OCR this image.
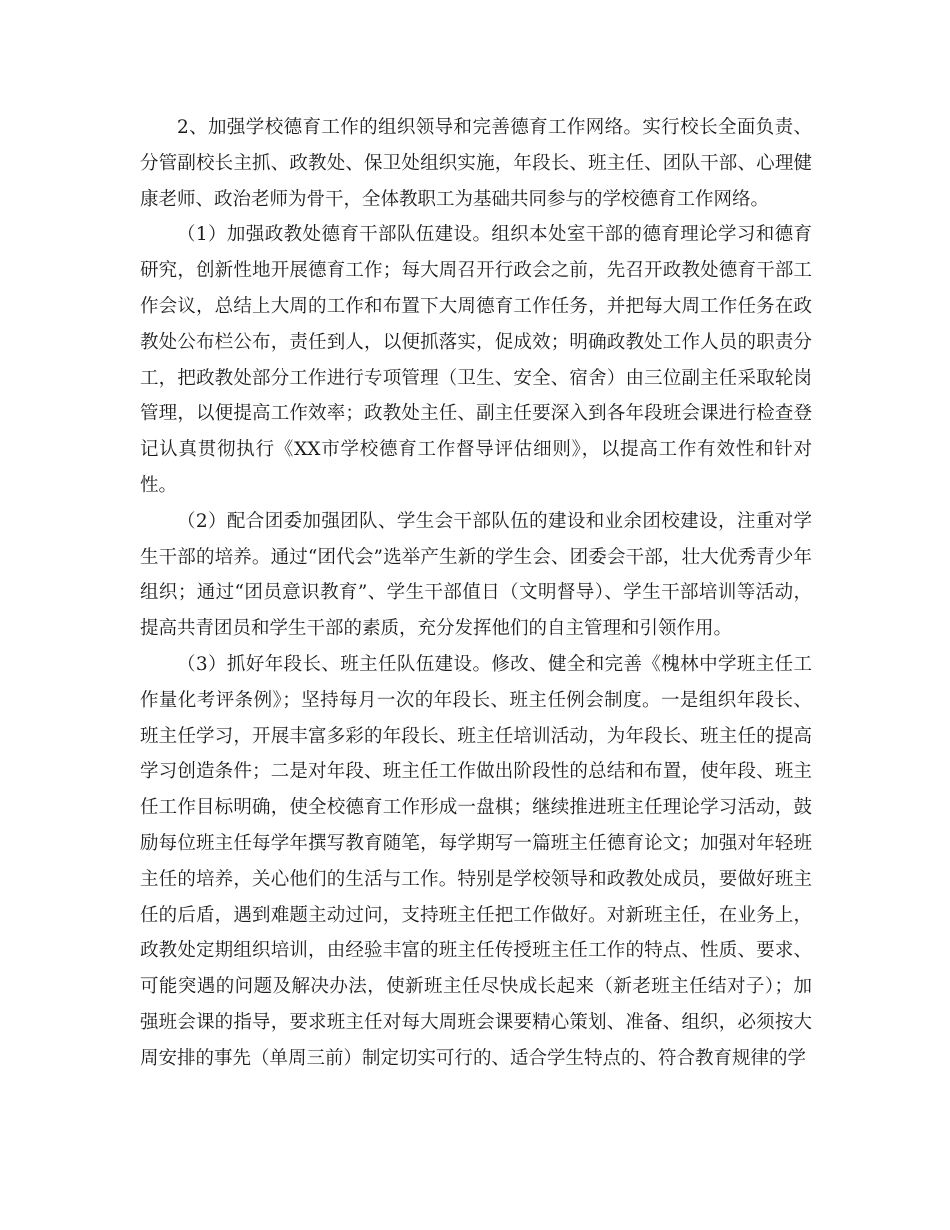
2、加强学校德育工作的组织领导和完善德育工作网络。实行校长全面负责、分管副校长主抓、政教处、保卫处组织实施，年段长、班主任、团队干部、心理健康老师、政治老师为骨干，全体教职工为基础共同参与的学校德育工作网络。

（1）加强政教处德育干部队伍建设。组织本处室干部的德育理论学习和德育研究，创新性地开展德育工作；每大周召开行政会之前，先召开政教处德育干部工作会议，总结上大周的工作和布置下大周德育工作任务，并把每大周工作任务在政教处公布栏公布，责任到人，以便抓落实，促成效；明确政教处工作人员的职责分工，把政教处部分工作进行专项管理（卫生、安全、宿舍）由三位副主任采取轮岗管理，以便提高工作效率；政教处主任、副主任要深入到各年段班会课进行检查登记认真贯彻执行《XX市学校德育工作督导评估细则》，以提高工作有效性和针对性。

（2）配合团委加强团队、学生会干部队伍的建设和业余团校建设，注重对学生干部的培养。通过“团代会”选举产生新的学生会、团委会干部，壮大优秀青少年组织；通过“团员意识教育”、学生干部值日（文明督导）、学生干部培训等活动，提高共青团员和学生干部的素质，充分发挥他们的自主管理和引领作用。

（3）抓好年段长、班主任队伍建设。修改、健全和完善《槐林中学班主任工作量化考评条例》；坚持每月一次的年段长、班主任例会制度。一是组织年段长、班主任学习，开展丰富多彩的年段长、班主任培训活动，为年段长、班主任的提高学习创造条件；二是对年段、班主任工作做出阶段性的总结和布置，使年段、班主任工作目标明确，使全校德育工作形成一盘棋；继续推进班主任理论学习活动，鼓励每位班主任每学年撰写教育随笔，每学期写一篇班主任德育论文；加强对年轻班主任的培养，关心他们的生活与工作。特别是学校领导和政教处成员，要做好班主任的后盾，遇到难题主动过问，支持班主任把工作做好。对新班主任，在业务上，政教处定期组织培训，由经验丰富的班主任传授班主任工作的特点、性质、要求、可能突遇的问题及解决办法，使新班主任尽快成长起来（新老班主任结对子）；加强班会课的指导，要求班主任对每大周班会课要精心策划、准备、组织，必须按大周安排的事先（单周三前）制定切实可行的、适合学生特点的、符合教育规律的学
